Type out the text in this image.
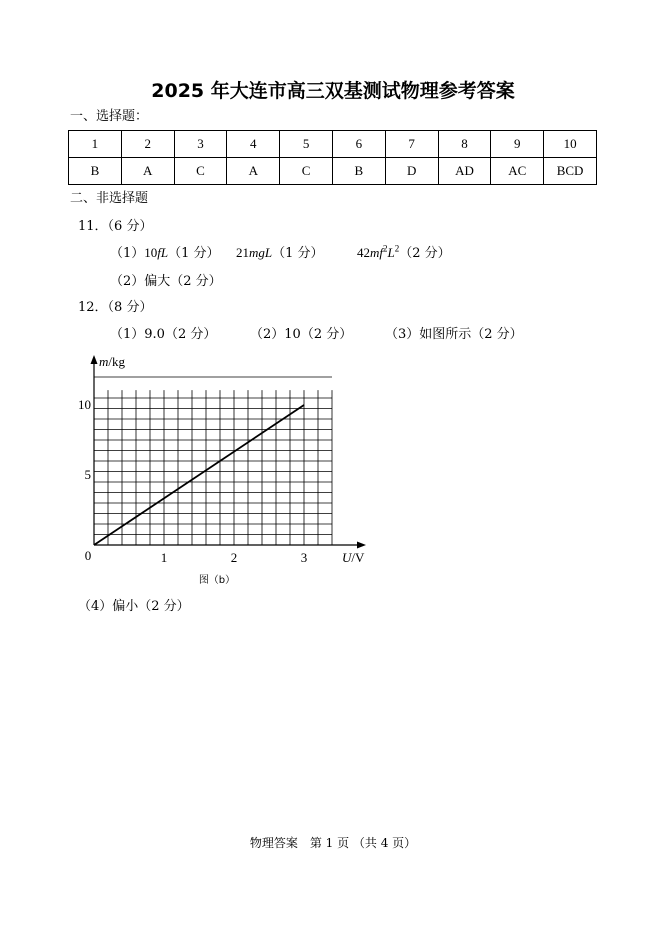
2025 年大连市高三双基测试物理参考答案
一、选择题：
1	2	3	4	5	6	7	8	9	10
B	A	C	A	C	B	D	AD	AC	BCD
二、非选择题
11．（6 分）
（1）10fL（1 分） 21mgL（1 分）	$42mf^2L^2(2$ 分）
（2）偏大（2 分）
12．（8 分）
（1）9.0（2 分）	（2）10（2 分）	（3）如图所示（2 分）
m/kg
U/V
0	1	2	3
5
10
图（b）
（4）偏小（2 分）
物理答案　第 1 页 （共 4 页）
